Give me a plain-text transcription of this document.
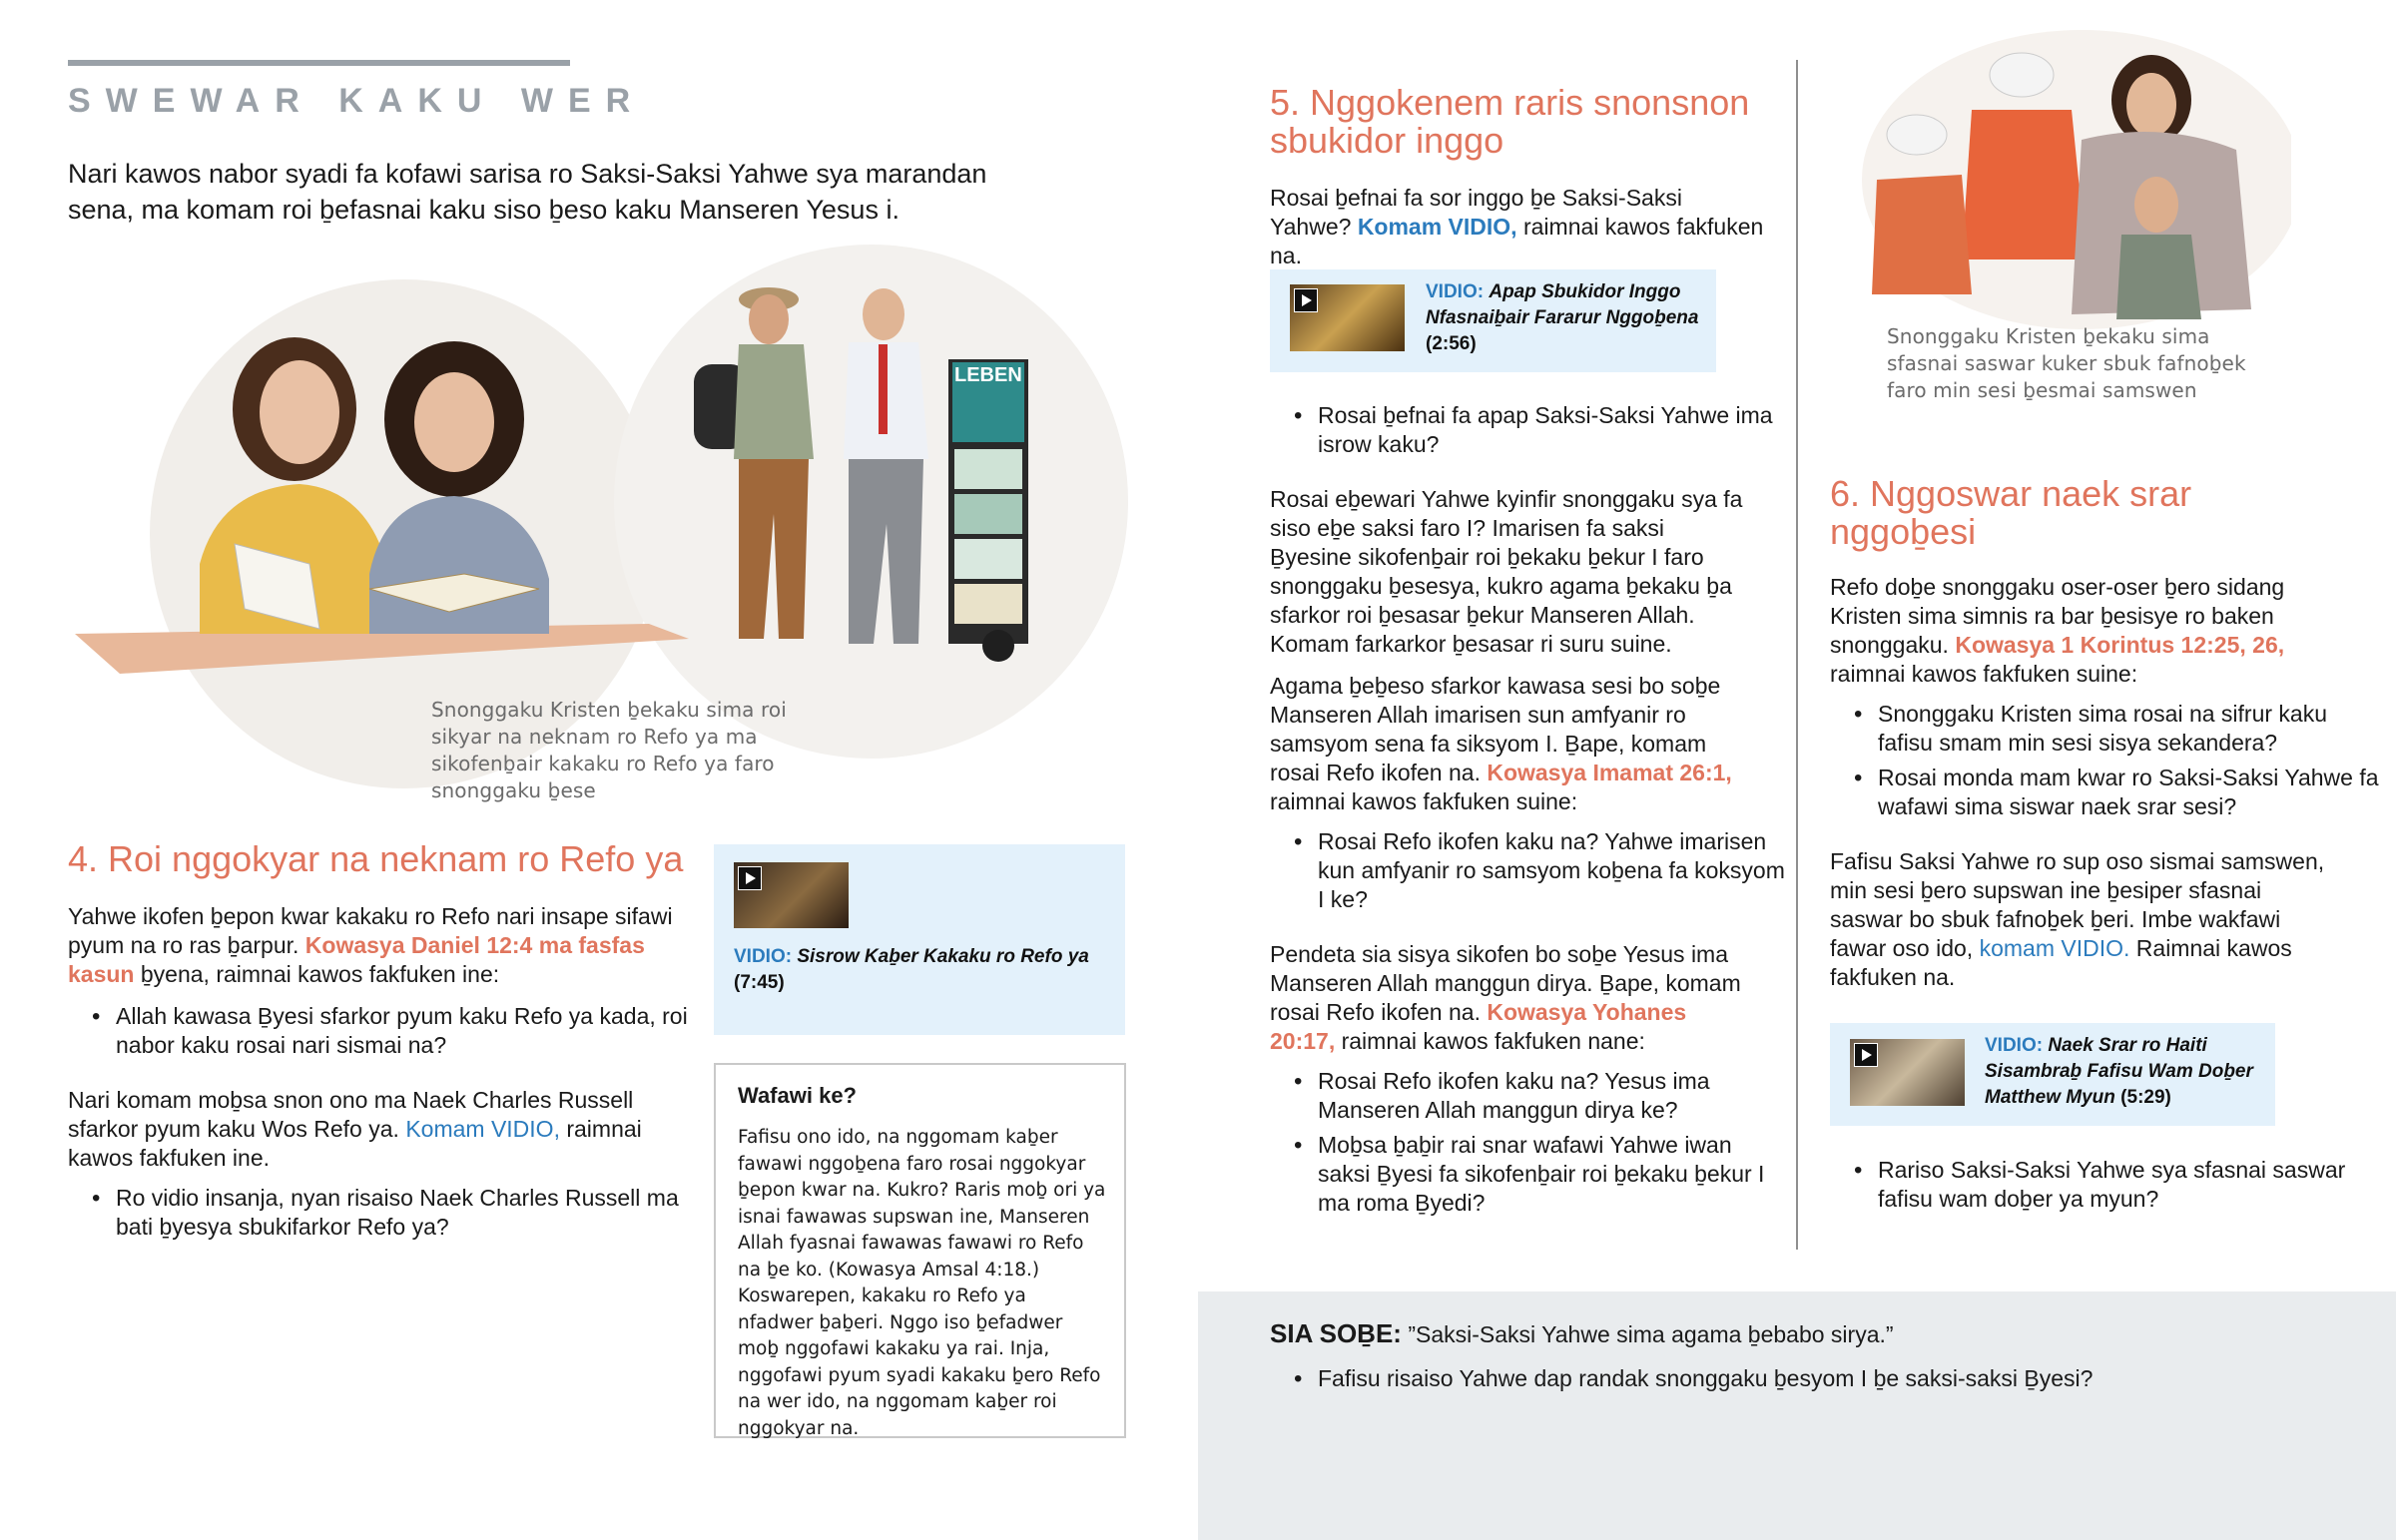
SWEWAR KAKU WER

Nari kawos nabor syadi fa kofawi sarisa ro Saksi-Saksi Yahwe sya marandan sena, ma komam roi ḇefasnai kaku siso ḇeso kaku Manseren Yesus i.

LEBEN
Snonggaku Kristen ḇekaku sima roi sikyar na neknam ro Refo ya ma sikofenḇair kakaku ro Refo ya faro snonggaku ḇese
4. Roi nggokyar na neknam ro Refo ya

Yahwe ikofen ḇepon kwar kakaku ro Refo nari insape sifawi pyum na ro ras ḇarpur. Kowasya Daniel 12:4 ma fasfas kasun ḇyena, raimnai kawos fakfuken ine:

• Allah kawasa Ḇyesi sfarkor pyum kaku Refo ya kada, roi nabor kaku rosai nari sismai na?

Nari komam moḇsa snon ono ma Naek Charles Russell sfarkor pyum kaku Wos Refo ya. Komam VIDIO, raimnai kawos fakfuken ine.

• Ro vidio insanja, nyan risaiso Naek Charles Russell ma bati ḇyesya sbukifarkor Refo ya?
VIDIO: Sisrow Kaḇer Kakaku ro Refo ya (7:45)
Wafawi ke?
Fafisu ono ido, na nggomam kaḇer fawawi nggoḇena faro rosai nggokyar ḇepon kwar na. Kukro? Raris moḇ ori ya isnai fawawas supswan ine, Manseren Allah fyasnai fawawas fawawi ro Refo na ḇe ko. (Kowasya Amsal 4:18.) Koswarepen, kakaku ro Refo ya nfadwer ḇaḇeri. Nggo iso ḇefadwer moḇ nggofawi kakaku ya rai. Inja, nggofawi pyum syadi kakaku ḇero Refo na wer ido, na nggomam kaḇer roi nggokyar na.
5. Nggokenem raris snonsnon sbukidor inggo

Rosai ḇefnai fa sor inggo ḇe Saksi-Saksi Yahwe? Komam VIDIO, raimnai kawos fakfuken na.

VIDIO: Apap Sbukidor Inggo Nfasnaiḇair Fararur Nggoḇena (2:56)
• Rosai ḇefnai fa apap Saksi-Saksi Yahwe ima isrow kaku?

Rosai eḇewari Yahwe kyinfir snonggaku sya fa siso eḇe saksi faro I? Imarisen fa saksi Ḇyesine sikofenḇair roi ḇekaku ḇekur I faro snonggaku ḇesesya, kukro agama ḇekaku ḇa sfarkor roi ḇesasar ḇekur Manseren Allah. Komam farkarkor ḇesasar ri suru suine.

Agama ḇeḇeso sfarkor kawasa sesi bo soḇe Manseren Allah imarisen sun amfyanir ro samsyom sena fa siksyom I. Ḇape, komam rosai Refo ikofen na. Kowasya Imamat 26:1, raimnai kawos fakfuken suine:

• Rosai Refo ikofen kaku na? Yahwe imarisen kun amfyanir ro samsyom koḇena fa koksyom I ke?

Pendeta sia sisya sikofen bo soḇe Yesus ima Manseren Allah manggun dirya. Ḇape, komam rosai Refo ikofen na. Kowasya Yohanes 20:17, raimnai kawos fakfuken nane:

• Rosai Refo ikofen kaku na? Yesus ima Manseren Allah manggun dirya ke?
• Moḇsa ḇaḇir rai snar wafawi Yahwe iwan saksi Ḇyesi fa sikofenḇair roi ḇekaku ḇekur I ma roma Ḇyedi?
Snonggaku Kristen ḇekaku sima sfasnai saswar kuker sbuk fafnoḇek faro min sesi ḇesmai samswen
6. Nggoswar naek srar nggoḇesi

Refo doḇe snonggaku oser-oser ḇero sidang Kristen sima simnis ra bar ḇesisye ro baken snonggaku. Kowasya 1 Korintus 12:25, 26, raimnai kawos fakfuken suine:

• Snonggaku Kristen sima rosai na sifrur kaku fafisu smam min sesi sisya sekandera?
• Rosai monda mam kwar ro Saksi-Saksi Yahwe fa wafawi sima siswar naek srar sesi?

Fafisu Saksi Yahwe ro sup oso sismai samswen, min sesi ḇero supswan ine ḇesiper sfasnai saswar bo sbuk fafnoḇek ḇeri. Imbe wakfawi fawar oso ido, komam VIDIO. Raimnai kawos fakfuken na.

VIDIO: Naek Srar ro Haiti Sisambraḇ Fafisu Wam Doḇer Matthew Myun (5:29)
• Rariso Saksi-Saksi Yahwe sya sfasnai saswar fafisu wam doḇer ya myun?
SIA SOḆE: ”Saksi-Saksi Yahwe sima agama ḇebabo sirya.”
• Fafisu risaiso Yahwe dap randak snonggaku ḇesyom I ḇe saksi-saksi Ḇyesi?
